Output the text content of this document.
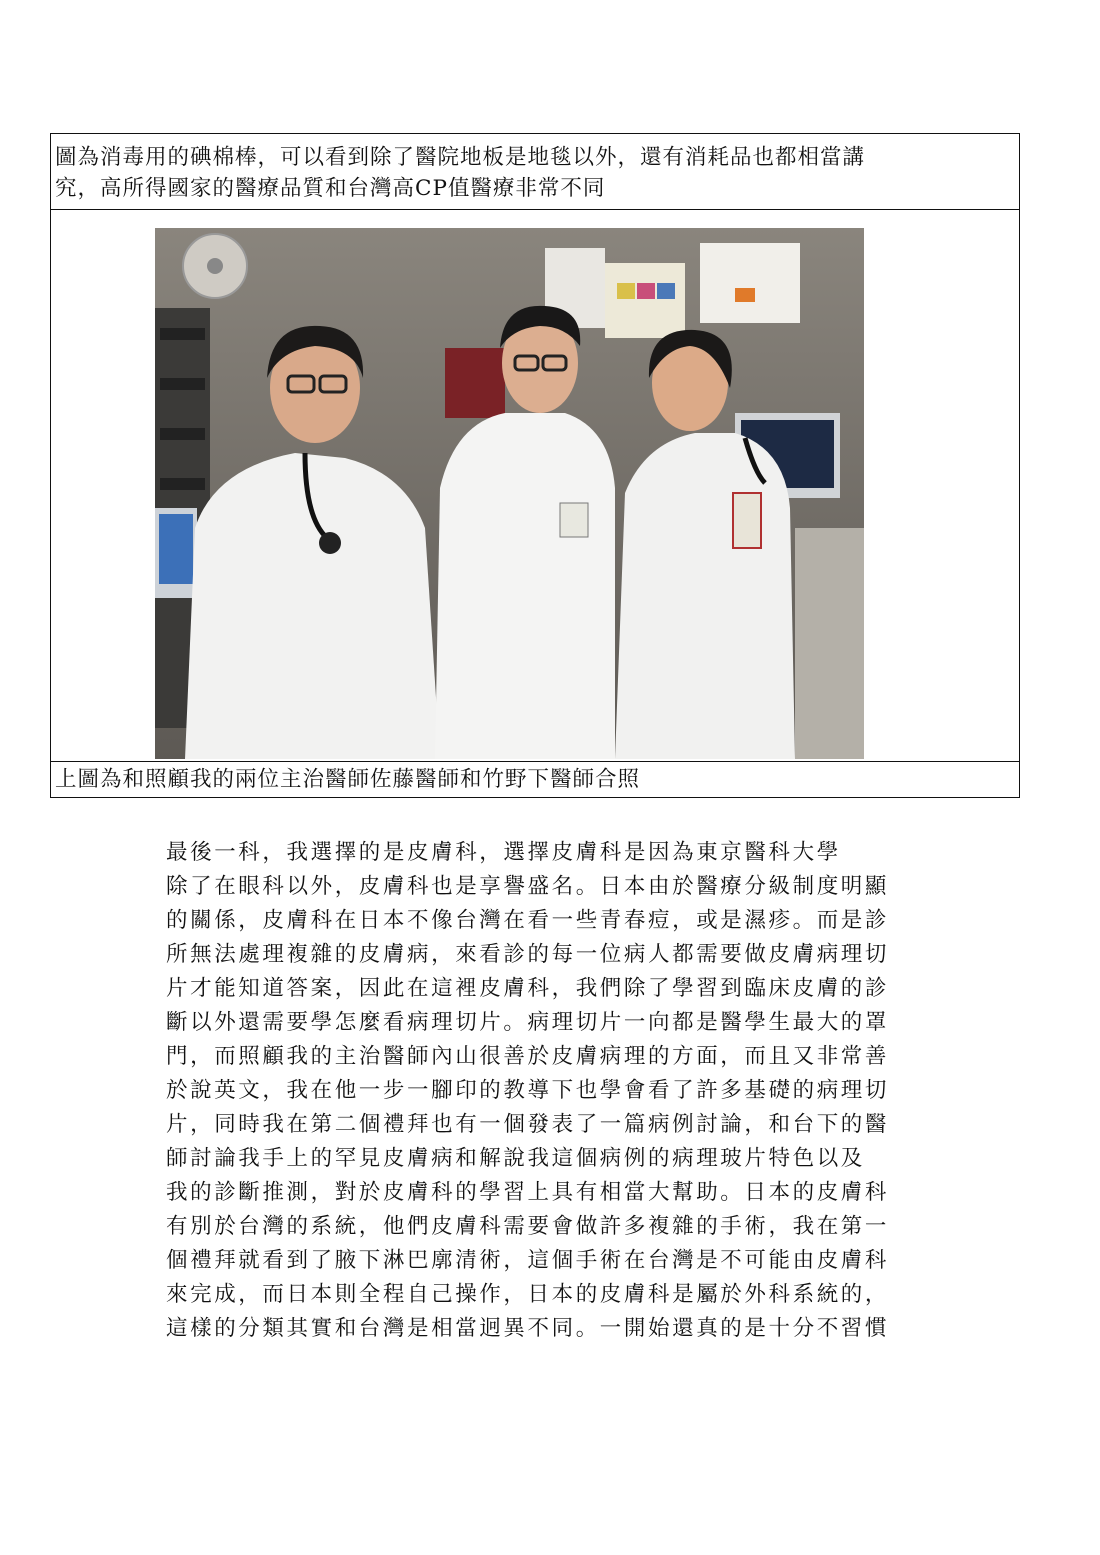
圖為消毒用的碘棉棒，可以看到除了醫院地板是地毯以外，還有消耗品也都相當講
究，高所得國家的醫療品質和台灣高CP值醫療非常不同
上圖為和照顧我的兩位主治醫師佐藤醫師和竹野下醫師合照
最後一科，我選擇的是皮膚科，選擇皮膚科是因為東京醫科大學
除了在眼科以外，皮膚科也是享譽盛名。日本由於醫療分級制度明顯
的關係，皮膚科在日本不像台灣在看一些青春痘，或是濕疹。而是診
所無法處理複雜的皮膚病，來看診的每一位病人都需要做皮膚病理切
片才能知道答案，因此在這裡皮膚科，我們除了學習到臨床皮膚的診
斷以外還需要學怎麼看病理切片。病理切片一向都是醫學生最大的罩
門，而照顧我的主治醫師內山很善於皮膚病理的方面，而且又非常善
於說英文，我在他一步一腳印的教導下也學會看了許多基礎的病理切
片，同時我在第二個禮拜也有一個發表了一篇病例討論，和台下的醫
師討論我手上的罕見皮膚病和解說我這個病例的病理玻片特色以及
我的診斷推測，對於皮膚科的學習上具有相當大幫助。日本的皮膚科
有別於台灣的系統，他們皮膚科需要會做許多複雜的手術，我在第一
個禮拜就看到了腋下淋巴廓清術，這個手術在台灣是不可能由皮膚科
來完成，而日本則全程自己操作，日本的皮膚科是屬於外科系統的，
這樣的分類其實和台灣是相當迥異不同。一開始還真的是十分不習慣
